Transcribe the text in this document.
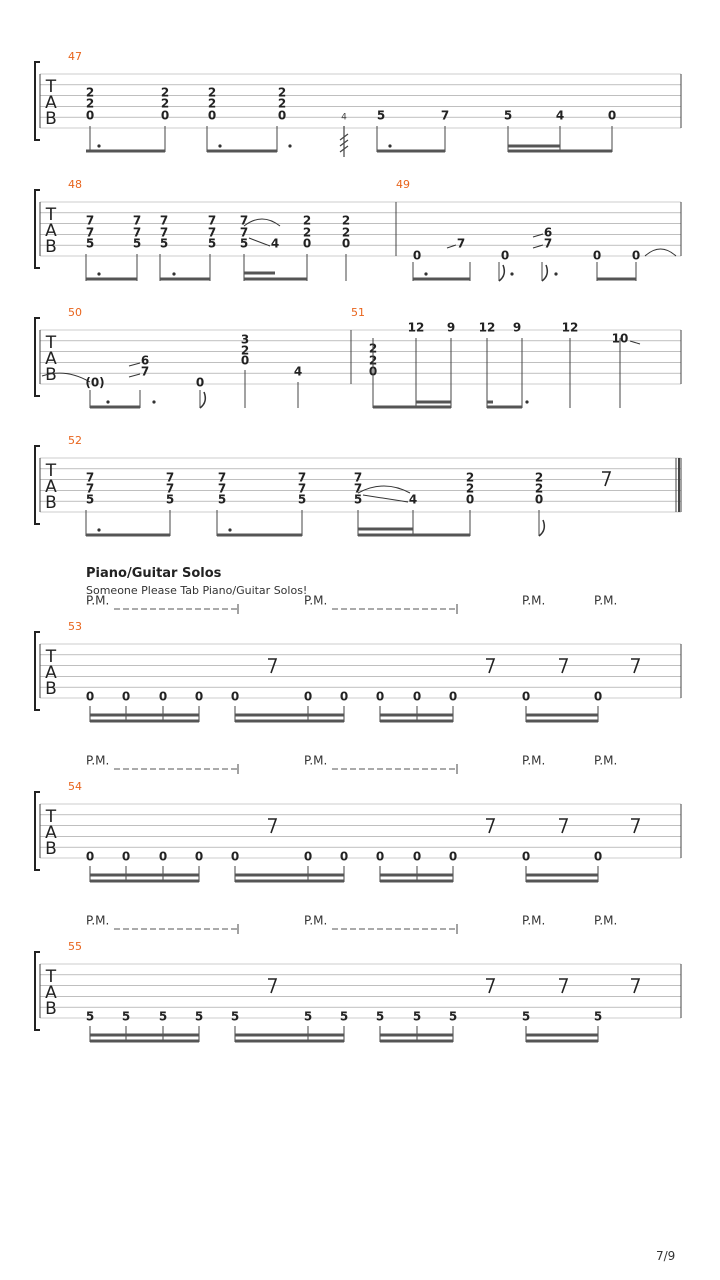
T
A
B
47
2
2
0
2
2
0
2
2
0
2
2
0	4 5	7	5	4	0
T
A
B
48	49
7
7
5
7
7
5
7
7
5
7
7
5
7
7
5 4
2
2
0
2
2
0
0
7
0
6
7
0	0
T
A
B
50	51
(0)
6
7
0
3
2
0
4
2
2
0
12 9 12 9	12
10
T
A
B
52
7
7
5
7
7
5
7
7
5
7
7
5
7
7
5	4
2
2
0
2
2
0
P.M.	P.M.	P.M.	P.M.
T
A
B
53
0 0 0 0 0	0 0 0 0 0	0	0
P.M.	P.M.	P.M.	P.M.
T
A
B
54
0 0 0 0 0	0 0 0 0 0	0	0
P.M.	P.M.	P.M.	P.M.
T
A
B
55
5 5 5 5 5	5 5 5 5 5	5	5
Piano/Guitar Solos
Someone Please Tab Piano/Guitar Solos!
7/9
